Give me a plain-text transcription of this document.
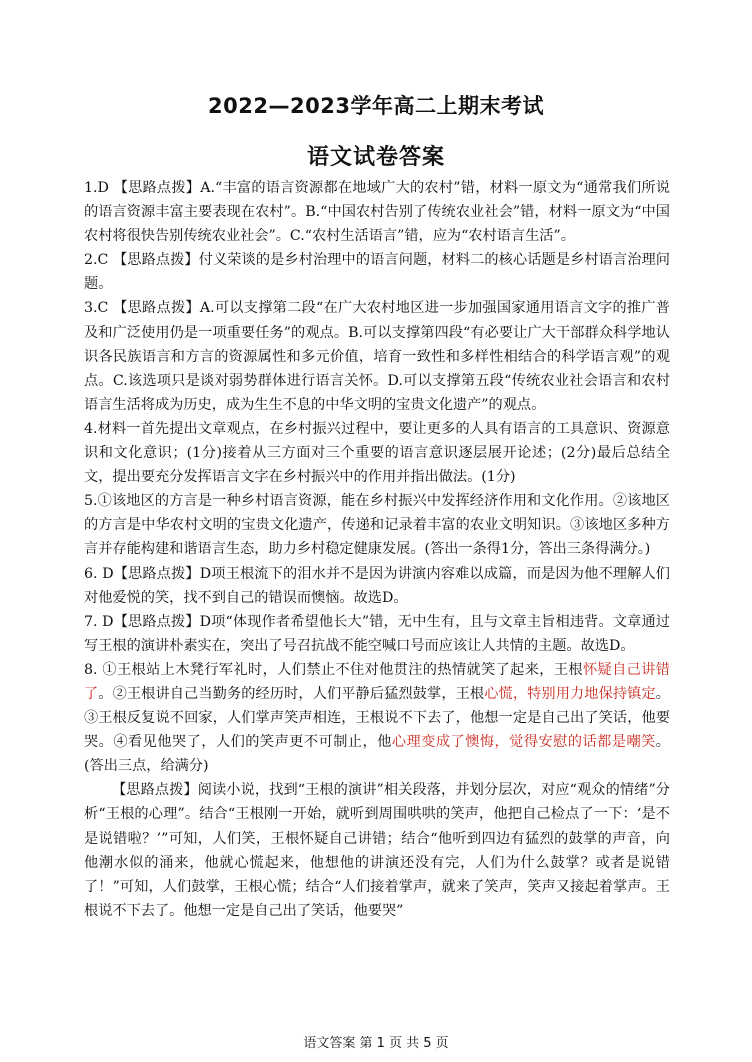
2022—2023学年高二上期末考试
语文试卷答案

1.D 【思路点拨】A.“丰富的语言资源都在地域广大的农村”错，材料一原文为“通常我们所说的语言资源丰富主要表现在农村”。B.“中国农村告别了传统农业社会”错，材料一原文为“中国农村将很快告别传统农业社会”。C.“农村生活语言”错，应为“农村语言生活”。

2.C 【思路点拨】付义荣谈的是乡村治理中的语言问题，材料二的核心话题是乡村语言治理问题。

3.C 【思路点拨】A.可以支撑第二段“在广大农村地区进一步加强国家通用语言文字的推广普及和广泛使用仍是一项重要任务”的观点。B.可以支撑第四段“有必要让广大干部群众科学地认识各民族语言和方言的资源属性和多元价值，培育一致性和多样性相结合的科学语言观”的观点。C.该选项只是谈对弱势群体进行语言关怀。D.可以支撑第五段“传统农业社会语言和农村语言生活将成为历史，成为生生不息的中华文明的宝贵文化遗产”的观点。

4.材料一首先提出文章观点，在乡村振兴过程中，要让更多的人具有语言的工具意识、资源意识和文化意识；(1分)接着从三方面对三个重要的语言意识逐层展开论述；(2分)最后总结全文，提出要充分发挥语言文字在乡村振兴中的作用并指出做法。(1分)

5.①该地区的方言是一种乡村语言资源，能在乡村振兴中发挥经济作用和文化作用。②该地区的方言是中华农村文明的宝贵文化遗产，传递和记录着丰富的农业文明知识。③该地区多种方言并存能构建和谐语言生态，助力乡村稳定健康发展。(答出一条得1分，答出三条得满分。)

6. D【思路点拨】D项王根流下的泪水并不是因为讲演内容难以成篇，而是因为他不理解人们对他爱悦的笑，找不到自己的错误而懊恼。故选D。

7. D【思路点拨】D项“体现作者希望他长大”错，无中生有，且与文章主旨相违背。文章通过写王根的演讲朴素实在，突出了号召抗战不能空喊口号而应该让人共情的主题。故选D。

8. ①王根站上木凳行军礼时，人们禁止不住对他贯注的热情就笑了起来，王根怀疑自己讲错了。②王根讲自己当勤务的经历时，人们平静后猛烈鼓掌，王根心慌，特别用力地保持镇定。③王根反复说不回家，人们掌声笑声相连，王根说不下去了，他想一定是自己出了笑话，他要哭。④看见他哭了，人们的笑声更不可制止，他心理变成了懊悔，觉得安慰的话都是嘲笑。(答出三点，给满分)

【思路点拨】阅读小说，找到“王根的演讲”相关段落，并划分层次，对应“观众的情绪”分析“王根的心理”。结合“王根刚一开始，就听到周围哄哄的笑声，他把自己检点了一下：‘是不是说错啦？’”可知，人们笑，王根怀疑自己讲错；结合“他听到四边有猛烈的鼓掌的声音，向他潮水似的涌来，他就心慌起来，他想他的讲演还没有完，人们为什么鼓掌？或者是说错了！”可知，人们鼓掌，王根心慌；结合“人们接着掌声，就来了笑声，笑声又接起着掌声。王根说不下去了。他想一定是自己出了笑话，他要哭”

语文答案 第 1 页 共 5 页
